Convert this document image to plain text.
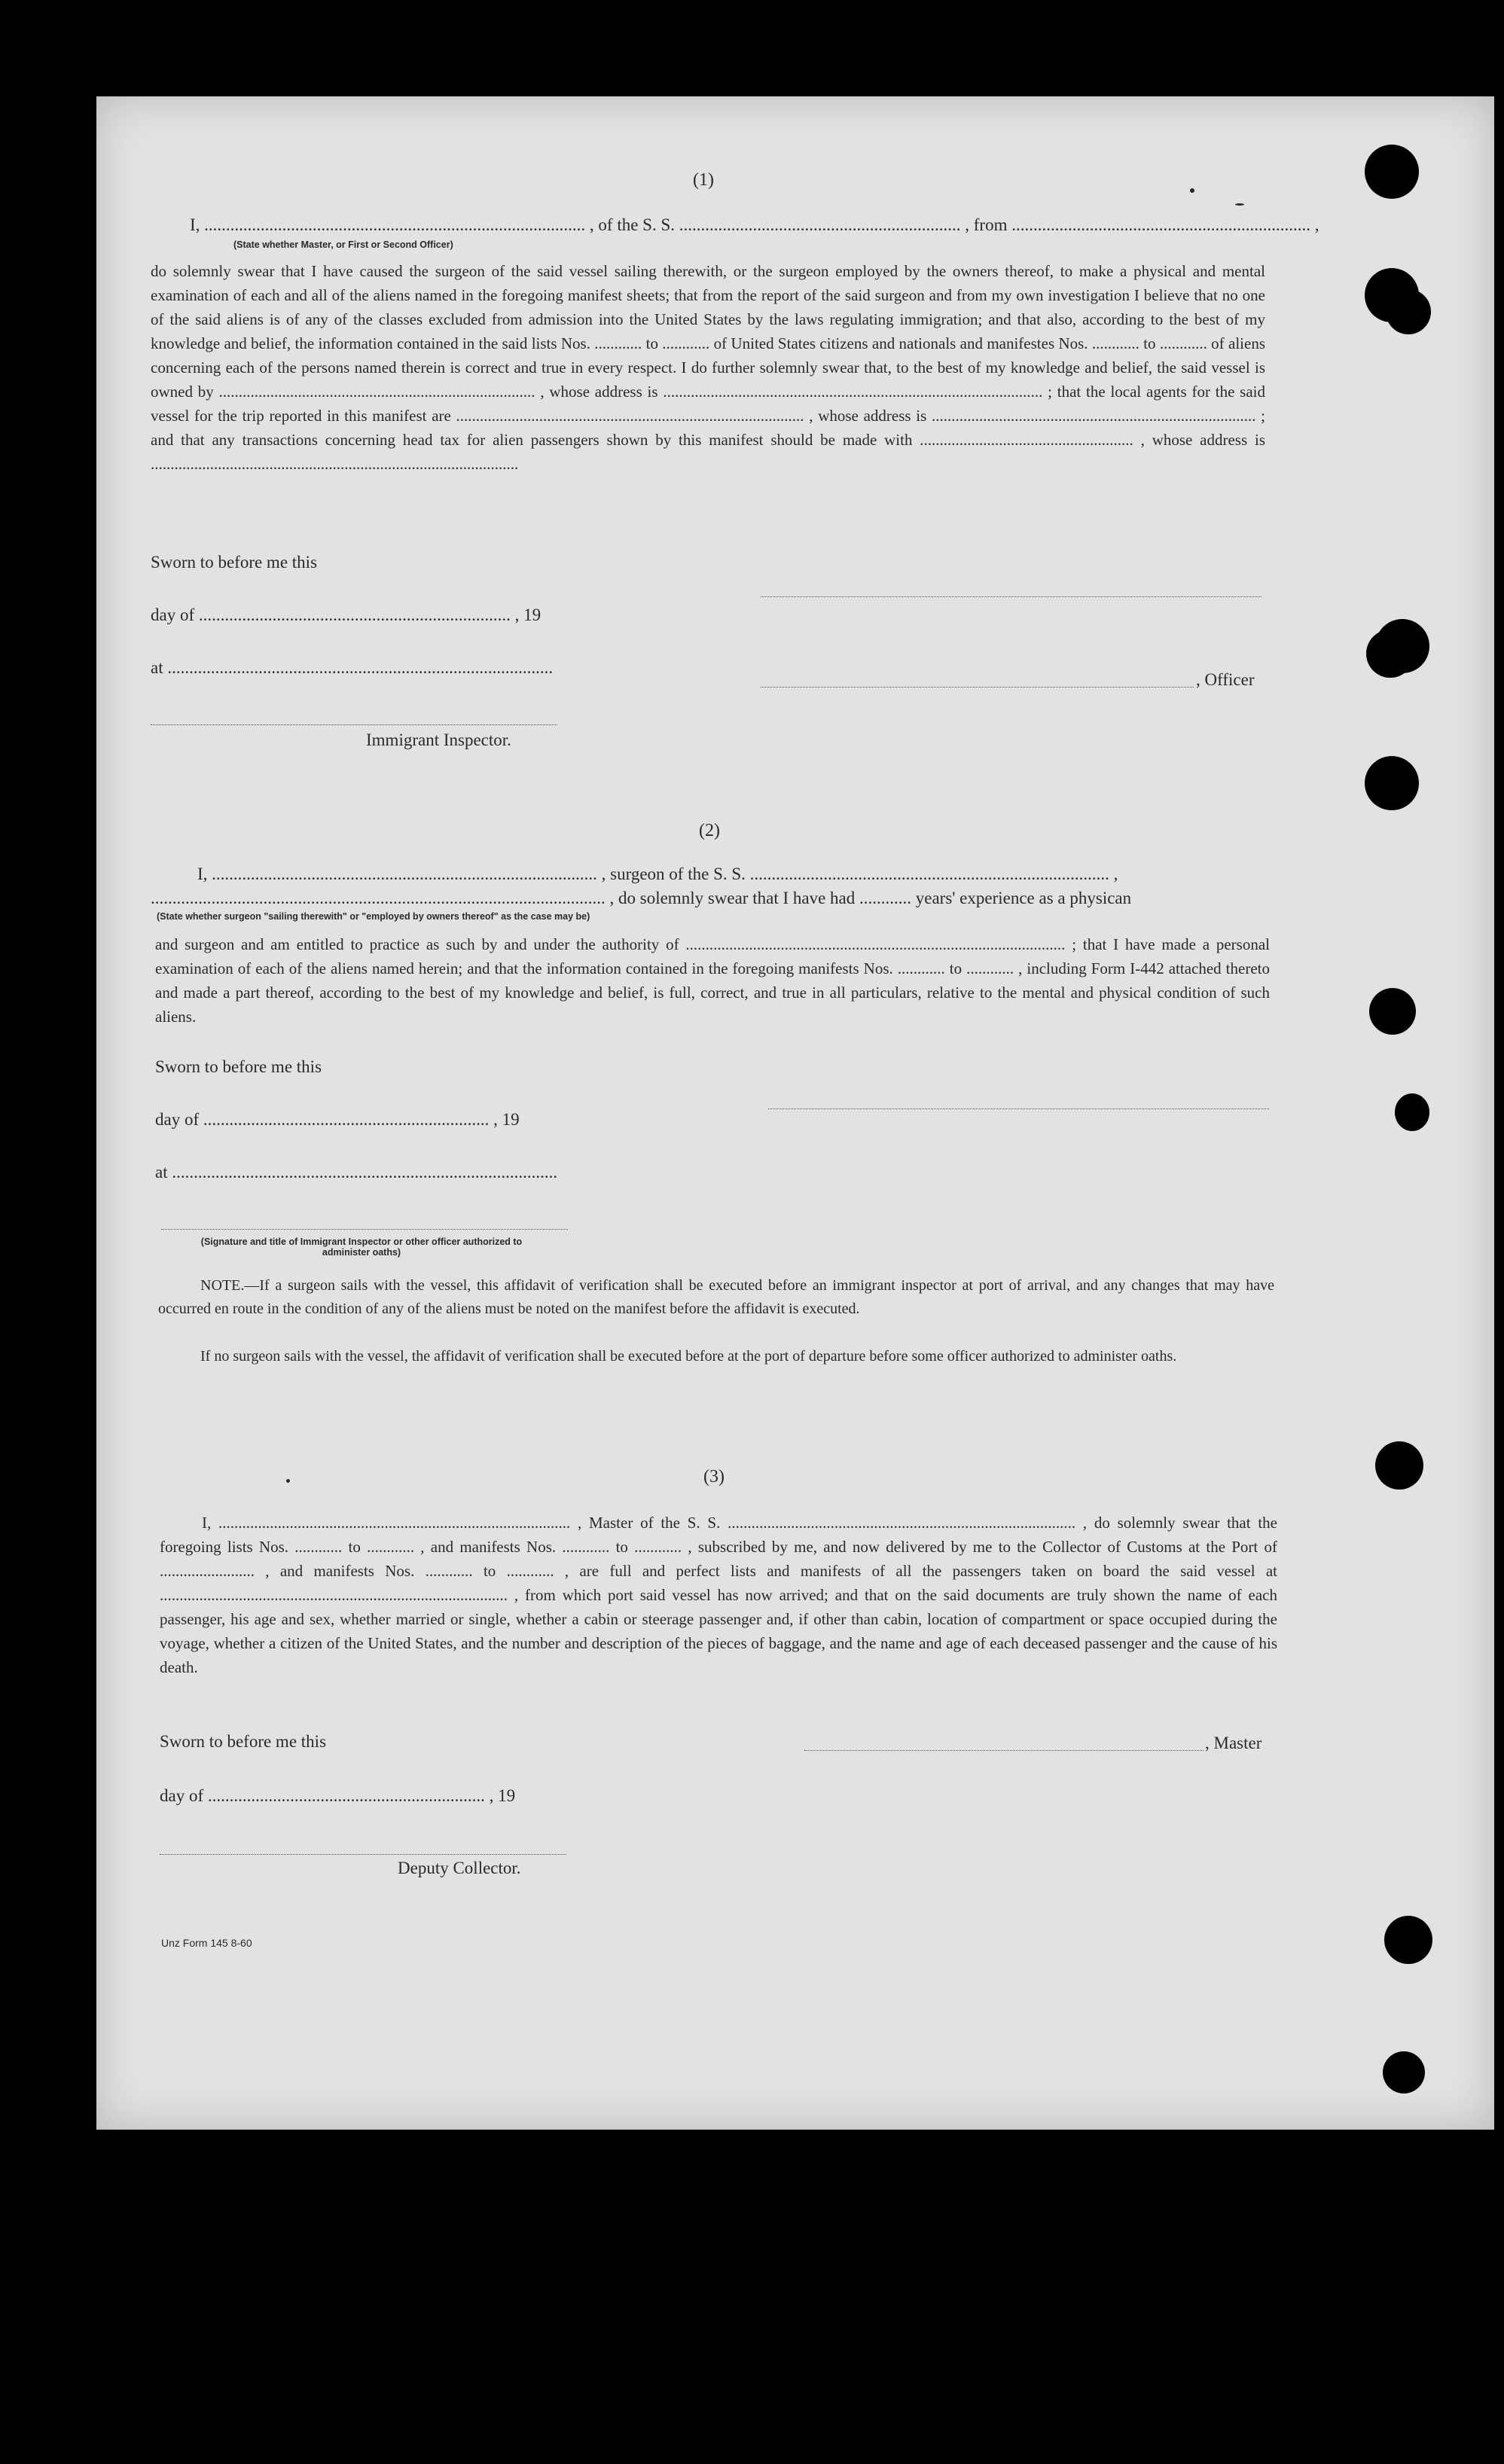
(1)
I, ........................................................................................ , of the S. S. ................................................................. , from ..................................................................... ,
(State whether Master, or First or Second Officer)
do solemnly swear that I have caused the surgeon of the said vessel sailing therewith, or the surgeon employed by the owners thereof, to make a physical and mental examination of each and all of the aliens named in the foregoing manifest sheets; that from the report of the said surgeon and from my own investigation I believe that no one of the said aliens is of any of the classes excluded from admission into the United States by the laws regulating immigration; and that also, according to the best of my knowledge and belief, the information contained in the said lists Nos. ............ to ............ of United States citizens and nationals and manifestes Nos. ............ to ............ of aliens concerning each of the persons named therein is correct and true in every respect. I do further solemnly swear that, to the best of my knowledge and belief, the said vessel is owned by ................................................................................ , whose address is ................................................................................................ ; that the local agents for the said vessel for the trip reported in this manifest are ........................................................................................ , whose address is .................................................................................. ; and that any transactions concerning head tax for alien passengers shown by this manifest should be made with ...................................................... , whose address is .............................................................................................
Sworn to before me this
day of ........................................................................ , 19
at .........................................................................................
, Officer
Immigrant Inspector.
(2)
I, ......................................................................................... , surgeon of the S. S. ................................................................................... ,
......................................................................................................... , do solemnly swear that I have had ............ years' experience as a physican
(State whether surgeon "sailing therewith" or "employed by owners thereof" as the case may be)
and surgeon and am entitled to practice as such by and under the authority of ................................................................................................ ; that I have made a personal examination of each of the aliens named herein; and that the information contained in the foregoing manifests Nos. ............ to ............ , including Form I-442 attached thereto and made a part thereof, according to the best of my knowledge and belief, is full, correct, and true in all particulars, relative to the mental and physical condition of such aliens.
Sworn to before me this
day of .................................................................. , 19
at .........................................................................................
(Signature and title of Immigrant Inspector or other officer authorized to administer oaths)
NOTE.—If a surgeon sails with the vessel, this affidavit of verification shall be executed before an immigrant inspector at port of arrival, and any changes that may have occurred en route in the condition of any of the aliens must be noted on the manifest before the affidavit is executed.
If no surgeon sails with the vessel, the affidavit of verification shall be executed before at the port of departure before some officer authorized to administer oaths.
(3)
I, ......................................................................................... , Master of the S. S. ........................................................................................ , do solemnly swear that the foregoing lists Nos. ............ to ............ , and manifests Nos. ............ to ............ , subscribed by me, and now delivered by me to the Collector of Customs at the Port of ........................ , and manifests Nos. ............ to ............ , are full and perfect lists and manifests of all the passengers taken on board the said vessel at ........................................................................................ , from which port said vessel has now arrived; and that on the said documents are truly shown the name of each passenger, his age and sex, whether married or single, whether a cabin or steerage passenger and, if other than cabin, location of compartment or space occupied during the voyage, whether a citizen of the United States, and the number and description of the pieces of baggage, and the name and age of each deceased passenger and the cause of his death.
Sworn to before me this	, Master
day of ................................................................ , 19
Deputy Collector.
Unz Form 145 8-60
